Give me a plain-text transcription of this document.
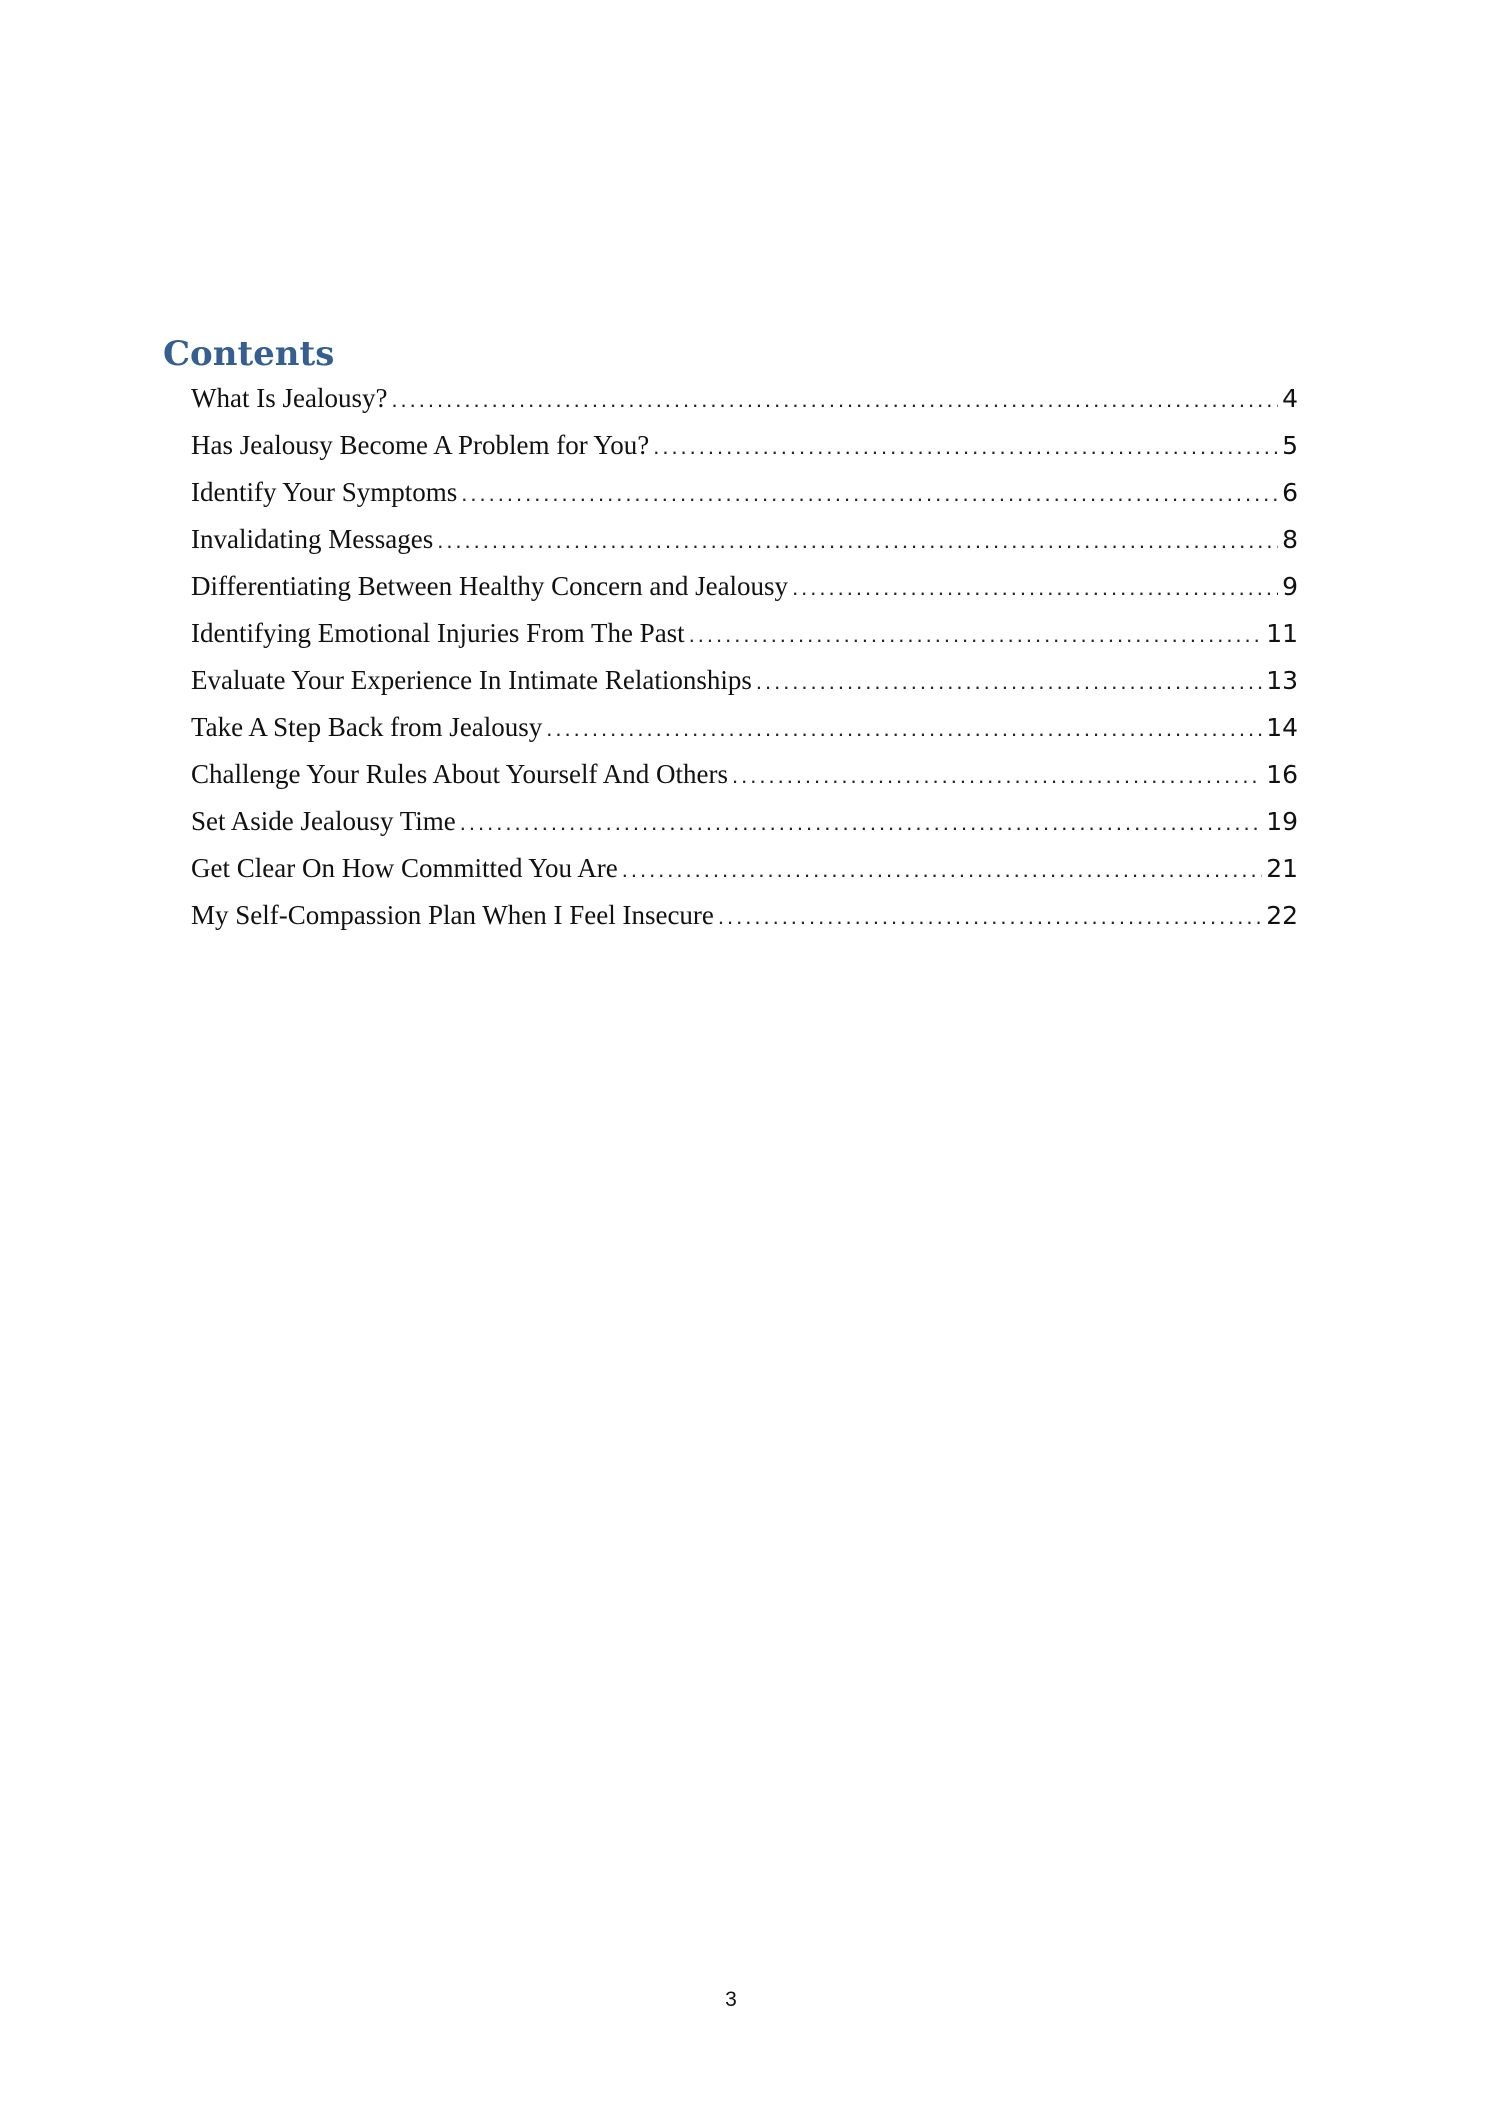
Contents
What Is Jealousy? .....	4
Has Jealousy Become A Problem for You? .....	5
Identify Your Symptoms .....	6
Invalidating Messages .....	8
Differentiating Between Healthy Concern and Jealousy .....	9
Identifying Emotional Injuries From The Past .....	11
Evaluate Your Experience In Intimate Relationships .....	13
Take A Step Back from Jealousy .....	14
Challenge Your Rules About Yourself And Others .....	16
Set Aside Jealousy Time .....	19
Get Clear On How Committed You Are .....	21
My Self-Compassion Plan When I Feel Insecure .....	22
3
